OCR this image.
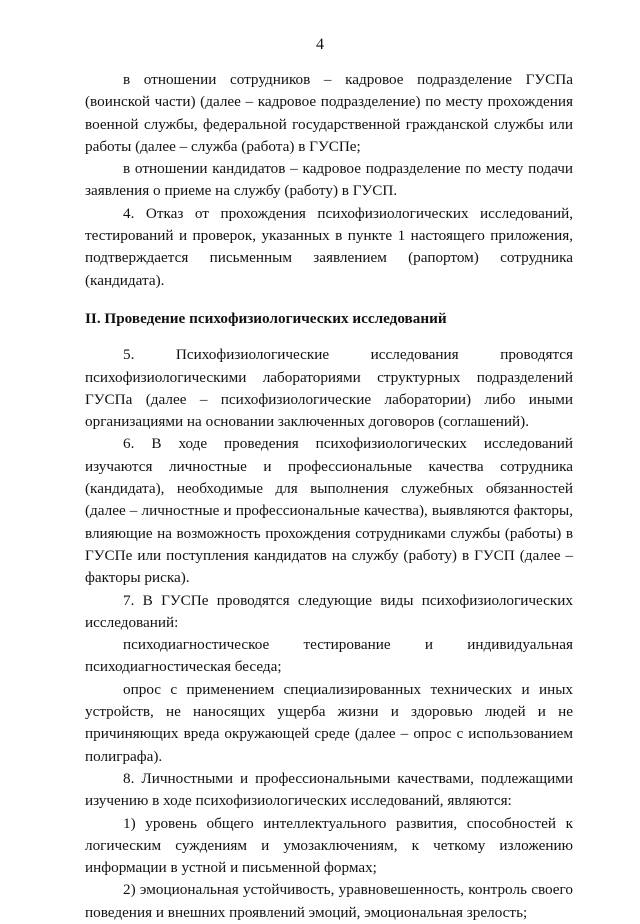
4

в отношении сотрудников – кадровое подразделение ГУСПа (воинской части) (далее – кадровое подразделение) по месту прохождения военной службы, федеральной государственной гражданской службы или работы (далее – служба (работа) в ГУСПе;

в отношении кандидатов – кадровое подразделение по месту подачи заявления о приеме на службу (работу) в ГУСП.

4. Отказ от прохождения психофизиологических исследований, тестирований и проверок, указанных в пункте 1 настоящего приложения, подтверждается письменным заявлением (рапортом) сотрудника (кандидата).

II. Проведение психофизиологических исследований

5. Психофизиологические исследования проводятся психофизиологическими лабораториями структурных подразделений ГУСПа (далее – психофизиологические лаборатории) либо иными организациями на основании заключенных договоров (соглашений).

6. В ходе проведения психофизиологических исследований изучаются личностные и профессиональные качества сотрудника (кандидата), необходимые для выполнения служебных обязанностей (далее – личностные и профессиональные качества), выявляются факторы, влияющие на возможность прохождения сотрудниками службы (работы) в ГУСПе или поступления кандидатов на службу (работу) в ГУСП (далее – факторы риска).

7. В ГУСПе проводятся следующие виды психофизиологических исследований:

психодиагностическое тестирование и индивидуальная психодиагностическая беседа;

опрос с применением специализированных технических и иных устройств, не наносящих ущерба жизни и здоровью людей и не причиняющих вреда окружающей среде (далее – опрос с использованием полиграфа).

8. Личностными и профессиональными качествами, подлежащими изучению в ходе психофизиологических исследований, являются:

1) уровень общего интеллектуального развития, способностей к логическим суждениям и умозаключениям, к четкому изложению информации в устной и письменной формах;

2) эмоциональная устойчивость, уравновешенность, контроль своего поведения и внешних проявлений эмоций, эмоциональная зрелость;
